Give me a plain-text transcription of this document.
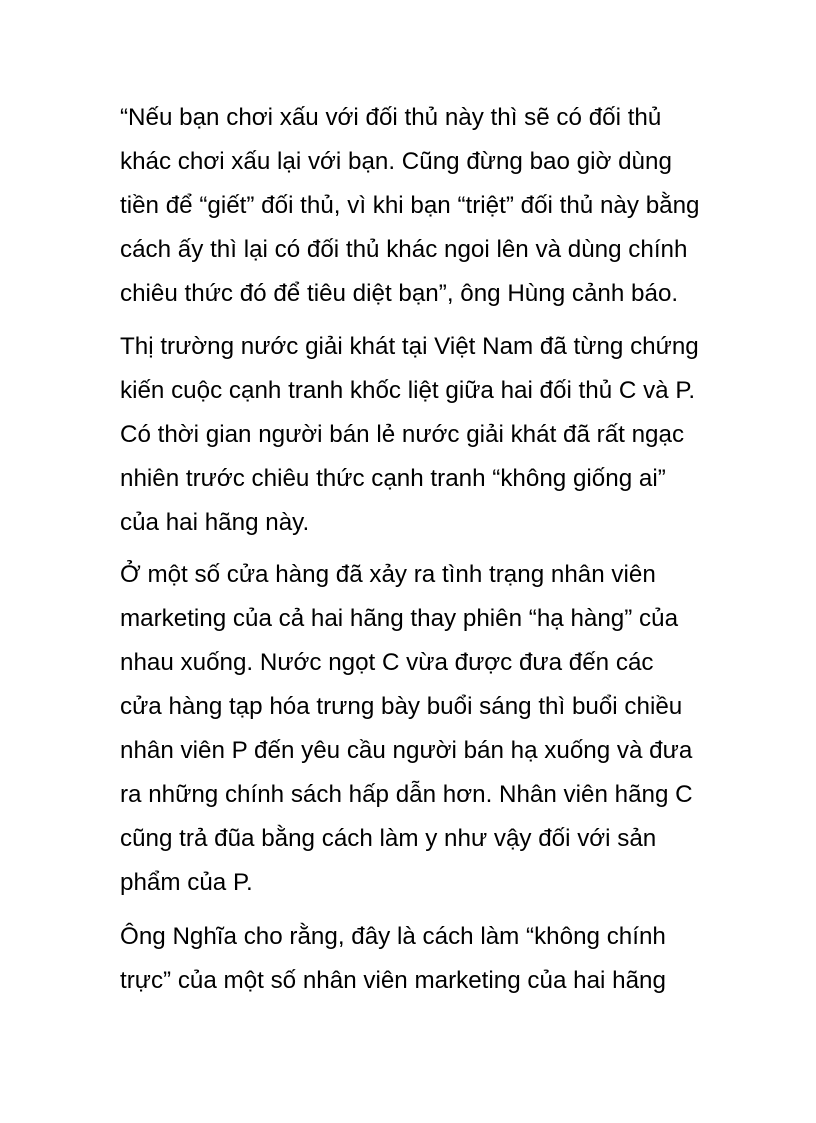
“Nếu bạn chơi xấu với đối thủ này thì sẽ có đối thủ
khác chơi xấu lại với bạn. Cũng đừng bao giờ dùng
tiền để “giết” đối thủ, vì khi bạn “triệt” đối thủ này bằng
cách ấy thì lại có đối thủ khác ngoi lên và dùng chính
chiêu thức đó để tiêu diệt bạn”, ông Hùng cảnh báo.
Thị trường nước giải khát tại Việt Nam đã từng chứng
kiến cuộc cạnh tranh khốc liệt giữa hai đối thủ C và P.
Có thời gian người bán lẻ nước giải khát đã rất ngạc
nhiên trước chiêu thức cạnh tranh “không giống ai”
của hai hãng này.
Ở một số cửa hàng đã xảy ra tình trạng nhân viên
marketing của cả hai hãng thay phiên “hạ hàng” của
nhau xuống. Nước ngọt C vừa được đưa đến các
cửa hàng tạp hóa trưng bày buổi sáng thì buổi chiều
nhân viên P đến yêu cầu người bán hạ xuống và đưa
ra những chính sách hấp dẫn hơn. Nhân viên hãng C
cũng trả đũa bằng cách làm y như vậy đối với sản
phẩm của P.
Ông Nghĩa cho rằng, đây là cách làm “không chính
trực” của một số nhân viên marketing của hai hãng
